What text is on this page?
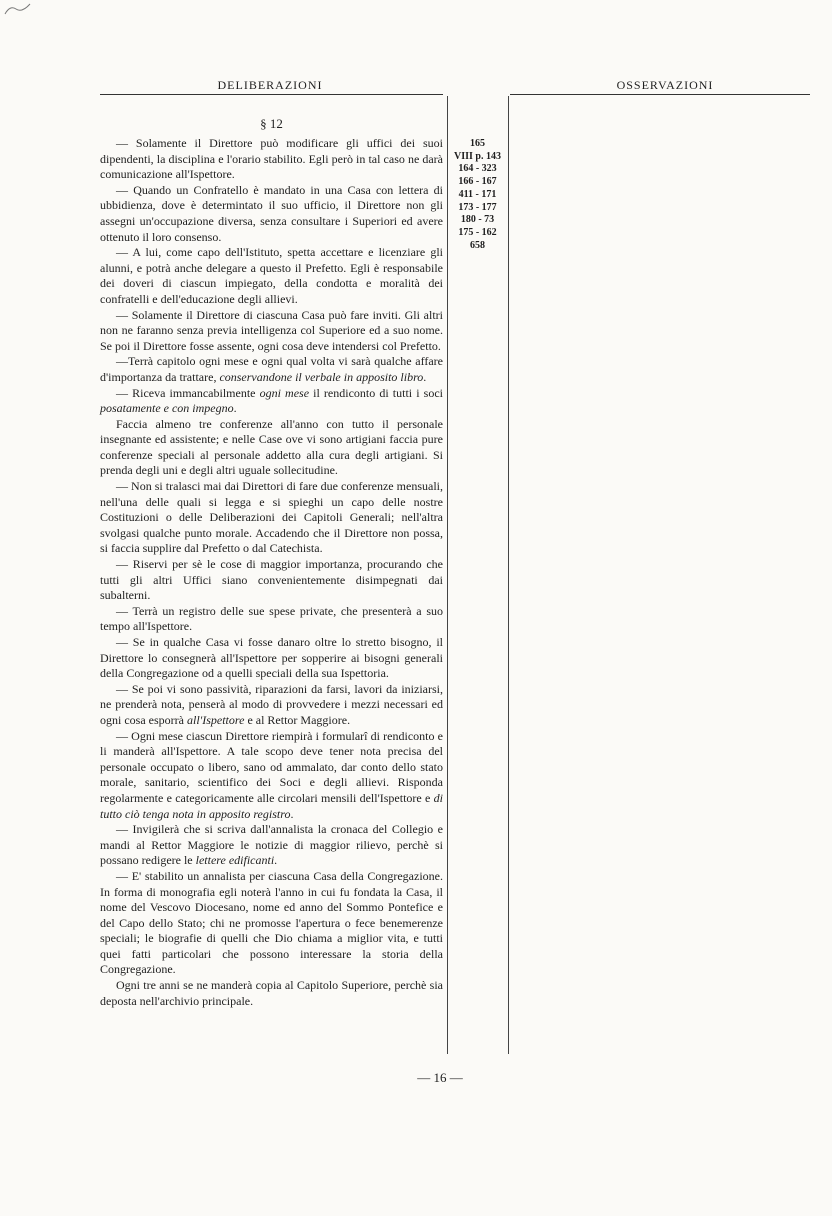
DELIBERAZIONI	OSSERVAZIONI
§ 12

— Solamente il Direttore può modificare gli uffici dei suoi dipendenti, la disciplina e l'orario stabilito. Egli però in tal caso ne darà comunicazione all'Ispettore.

— Quando un Confratello è mandato in una Casa con lettera di ubbidienza, dove è determintato il suo ufficio, il Direttore non gli assegni un'occupazione diversa, senza consultare i Superiori ed avere ottenuto il loro consenso.

— A lui, come capo dell'Istituto, spetta accettare e licenziare gli alunni, e potrà anche delegare a questo il Prefetto. Egli è responsabile dei doveri di ciascun impiegato, della condotta e moralità dei confratelli e dell'educazione degli allievi.

— Solamente il Direttore di ciascuna Casa può fare inviti. Gli altri non ne faranno senza previa intelligenza col Superiore ed a suo nome. Se poi il Direttore fosse assente, ogni cosa deve intendersi col Prefetto.

—Terrà capitolo ogni mese e ogni qual volta vi sarà qualche affare d'importanza da trattare, conservandone il verbale in apposito libro.

— Riceva immancabilmente ogni mese il rendiconto di tutti i soci posatamente e con impegno.

Faccia almeno tre conferenze all'anno con tutto il personale insegnante ed assistente; e nelle Case ove vi sono artigiani faccia pure conferenze speciali al personale addetto alla cura degli artigiani. Si prenda degli uni e degli altri uguale sollecitudine.

— Non si tralasci mai dai Direttori di fare due conferenze mensuali, nell'una delle quali si legga e si spieghi un capo delle nostre Costituzioni o delle Deliberazioni dei Capitoli Generali; nell'altra svolgasi qualche punto morale. Accadendo che il Direttore non possa, si faccia supplire dal Prefetto o dal Catechista.

— Riservi per sè le cose di maggior importanza, procurando che tutti gli altri Uffici siano convenientemente disimpegnati dai subalterni.

— Terrà un registro delle sue spese private, che presenterà a suo tempo all'Ispettore.

— Se in qualche Casa vi fosse danaro oltre lo stretto bisogno, il Direttore lo consegnerà all'Ispettore per sopperire ai bisogni generali della Congregazione od a quelli speciali della sua Ispettoria.

— Se poi vi sono passività, riparazioni da farsi, lavori da iniziarsi, ne prenderà nota, penserà al modo di provvedere i mezzi necessari ed ogni cosa esporrà all'Ispettore e al Rettor Maggiore.

— Ogni mese ciascun Direttore riempirà i formularî di rendiconto e li manderà all'Ispettore. A tale scopo deve tener nota precisa del personale occupato o libero, sano od ammalato, dar conto dello stato morale, sanitario, scientifico dei Soci e degli allievi. Risponda regolarmente e categoricamente alle circolari mensili dell'Ispettore e di tutto ciò tenga nota in apposito registro.

— Invigilerà che si scriva dall'annalista la cronaca del Collegio e mandi al Rettor Maggiore le notizie di maggior rilievo, perchè si possano redigere le lettere edificanti.

— E' stabilito un annalista per ciascuna Casa della Congregazione. In forma di monografia egli noterà l'anno in cui fu fondata la Casa, il nome del Vescovo Diocesano, nome ed anno del Sommo Pontefice e del Capo dello Stato; chi ne promosse l'apertura o fece benemerenze speciali; le biografie di quelli che Dio chiama a miglior vita, e tutti quei fatti particolari che possono interessare la storia della Congregazione.

Ogni tre anni se ne manderà copia al Capitolo Superiore, perchè sia deposta nell'archivio principale.

165
VIII p. 143
164 - 323
166 - 167
411 - 171
173 - 177
180 - 73
175 - 162
658
— 16 —
